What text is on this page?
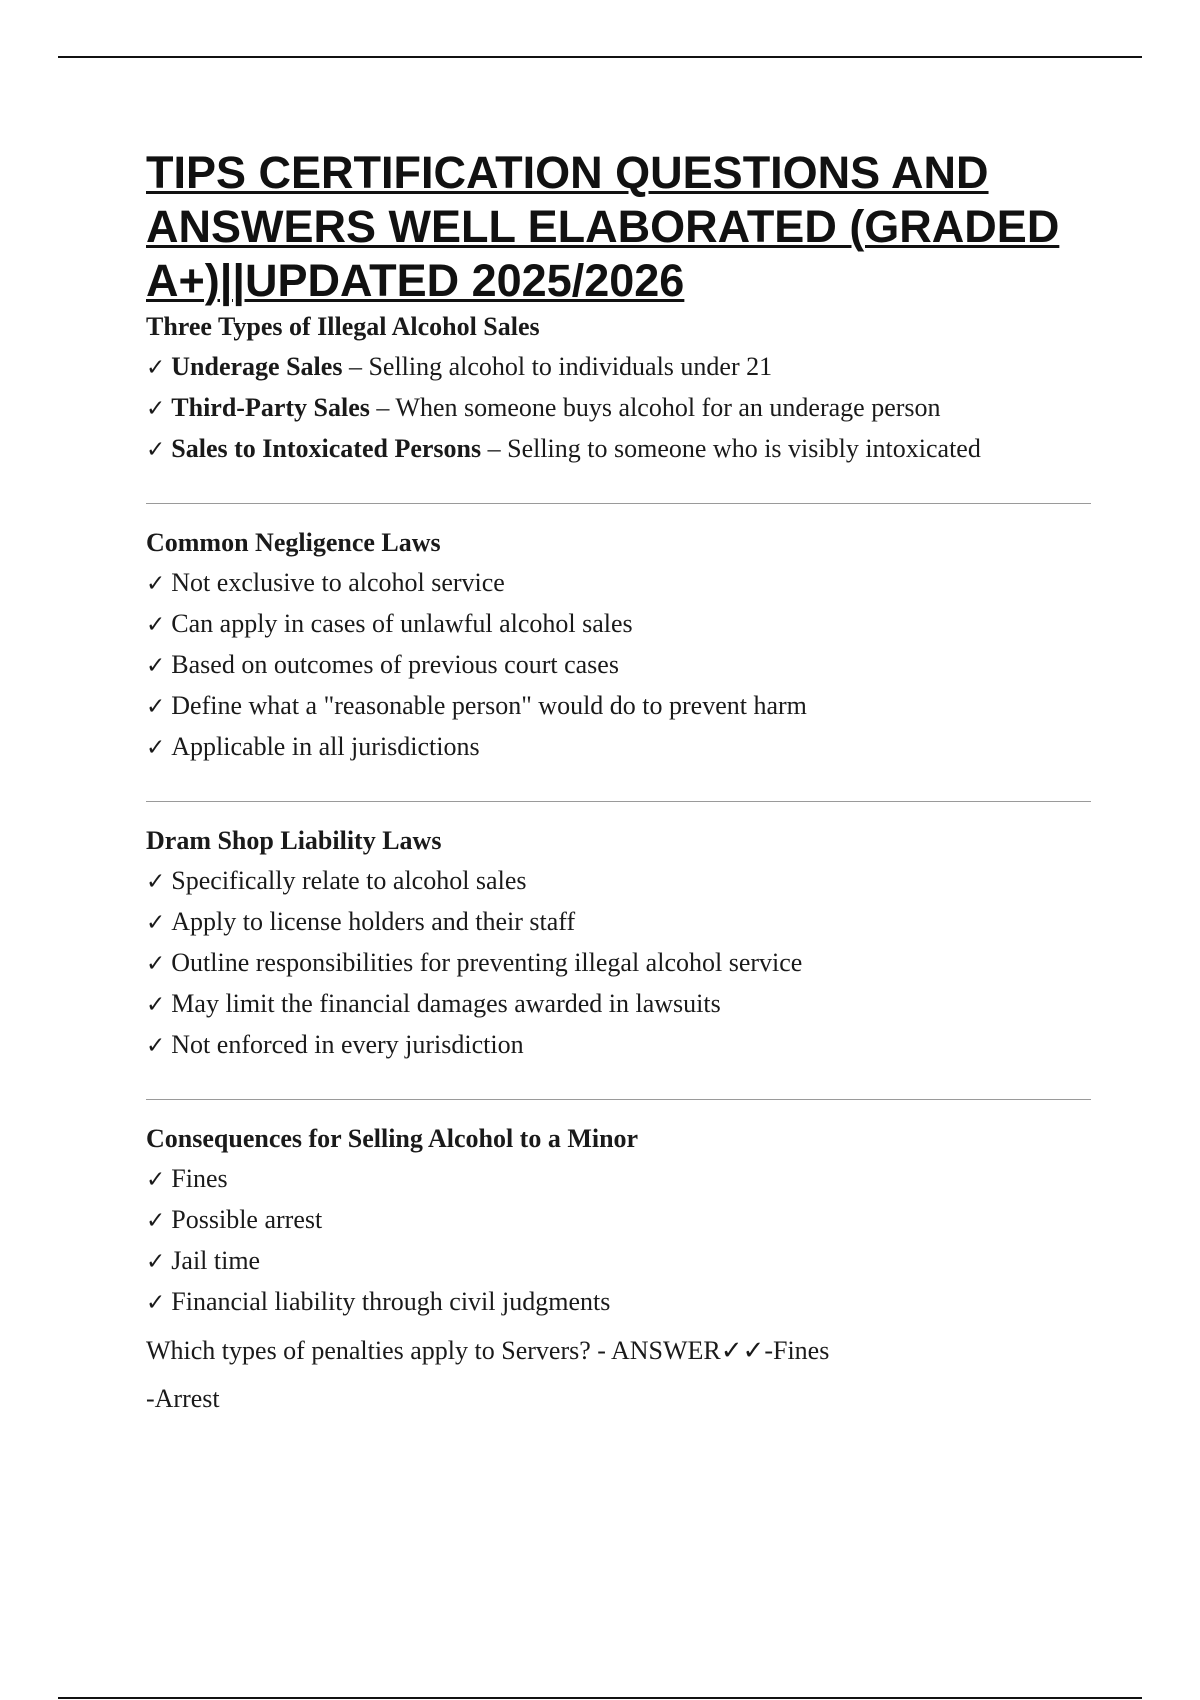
TIPS CERTIFICATION QUESTIONS AND ANSWERS WELL ELABORATED (GRADED A+)||UPDATED 2025/2026
Three Types of Illegal Alcohol Sales
✓ Underage Sales – Selling alcohol to individuals under 21
✓ Third-Party Sales – When someone buys alcohol for an underage person
✓ Sales to Intoxicated Persons – Selling to someone who is visibly intoxicated
Common Negligence Laws
✓ Not exclusive to alcohol service
✓ Can apply in cases of unlawful alcohol sales
✓ Based on outcomes of previous court cases
✓ Define what a "reasonable person" would do to prevent harm
✓ Applicable in all jurisdictions
Dram Shop Liability Laws
✓ Specifically relate to alcohol sales
✓ Apply to license holders and their staff
✓ Outline responsibilities for preventing illegal alcohol service
✓ May limit the financial damages awarded in lawsuits
✓ Not enforced in every jurisdiction
Consequences for Selling Alcohol to a Minor
✓ Fines
✓ Possible arrest
✓ Jail time
✓ Financial liability through civil judgments
Which types of penalties apply to Servers? - ANSWER✓✓-Fines
-Arrest
